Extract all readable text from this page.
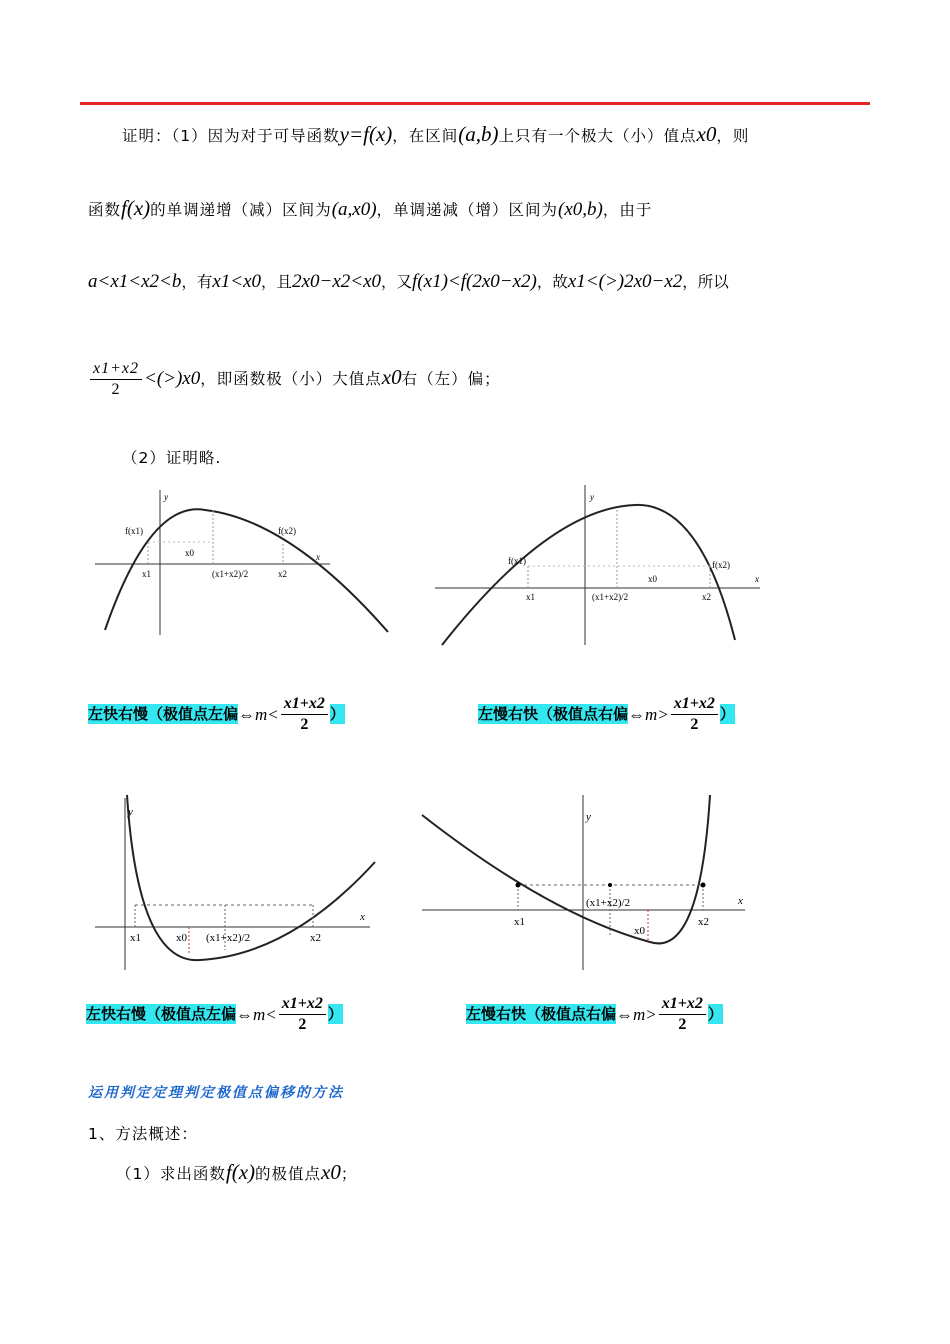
证明：（1）因为对于可导函数y=f(x)，在区间(a,b)上只有一个极大（小）值点x0，则
函数f(x)的单调递增（减）区间为(a,x0)，单调递减（增）区间为(x0,b)，由于
a<x1<x2<b，有x1<x0，且2x0−x2<x0，又f(x1)<f(2x0−x2)，故x1<(>)2x0−x2，所以
$\frac{x1+x2}{2} <(>)x0$，即函数极（小）大值点x0右（左）偏；
（2）证明略.
f(x1)	f(x2)
x0
x1	(x1+x2)/2	x2
x
y
f(x1)	f(x2)
x0
x1	(x1+x2)/2	x2
x
y
左快右慢（极值点左偏⇔m< $\frac{x1+x2}{2}$ ）	左慢右快（极值点右偏⇔m> $\frac{x1+x2}{2}$ ）
x1	x0 (x1+x2)/2	x2
x
y
x1
x0
(x1+x2)/2
x2
x
y
左快右慢（极值点左偏⇔m< $\frac{x1+x2}{2}$ ）	左慢右快（极值点右偏⇔m> $\frac{x1+x2}{2}$ ）
运用判定定理判定极值点偏移的方法
1、方法概述：
（1）求出函数f(x)的极值点x0；
